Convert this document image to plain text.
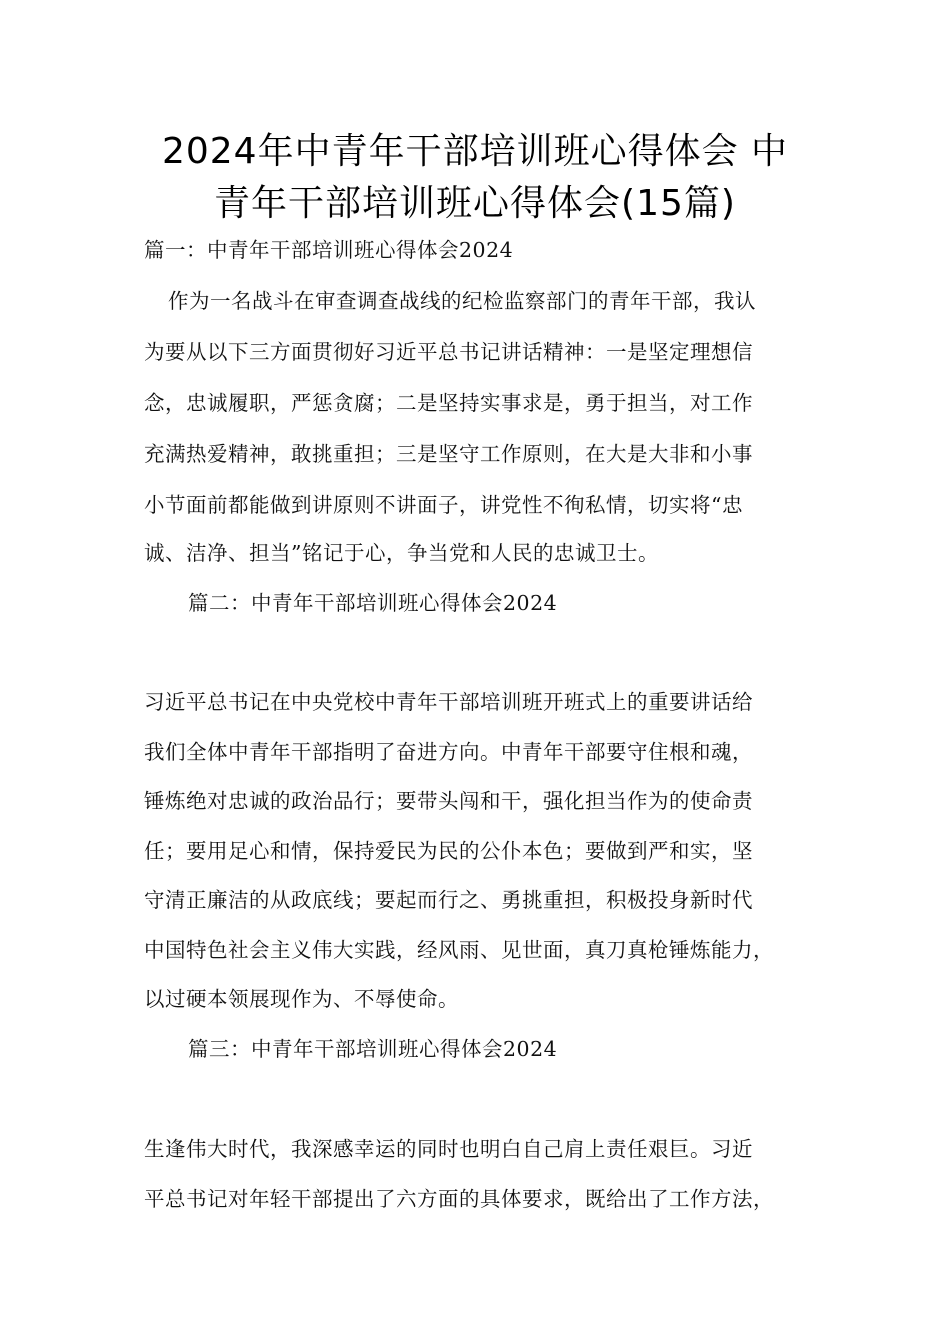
2024年中青年干部培训班心得体会 中
青年干部培训班心得体会(15篇)
篇一：中青年干部培训班心得体会2024
作为一名战斗在审查调查战线的纪检监察部门的青年干部，我认
为要从以下三方面贯彻好习近平总书记讲话精神：一是坚定理想信
念，忠诚履职，严惩贪腐；二是坚持实事求是，勇于担当，对工作
充满热爱精神，敢挑重担；三是坚守工作原则，在大是大非和小事
小节面前都能做到讲原则不讲面子，讲党性不徇私情，切实将“忠
诚、洁净、担当”铭记于心，争当党和人民的忠诚卫士。
篇二：中青年干部培训班心得体会2024
习近平总书记在中央党校中青年干部培训班开班式上的重要讲话给
我们全体中青年干部指明了奋进方向。中青年干部要守住根和魂，
锤炼绝对忠诚的政治品行；要带头闯和干，强化担当作为的使命责
任；要用足心和情，保持爱民为民的公仆本色；要做到严和实，坚
守清正廉洁的从政底线；要起而行之、勇挑重担，积极投身新时代
中国特色社会主义伟大实践，经风雨、见世面，真刀真枪锤炼能力，
以过硬本领展现作为、不辱使命。
篇三：中青年干部培训班心得体会2024
生逢伟大时代，我深感幸运的同时也明白自己肩上责任艰巨。习近
平总书记对年轻干部提出了六方面的具体要求，既给出了工作方法，
